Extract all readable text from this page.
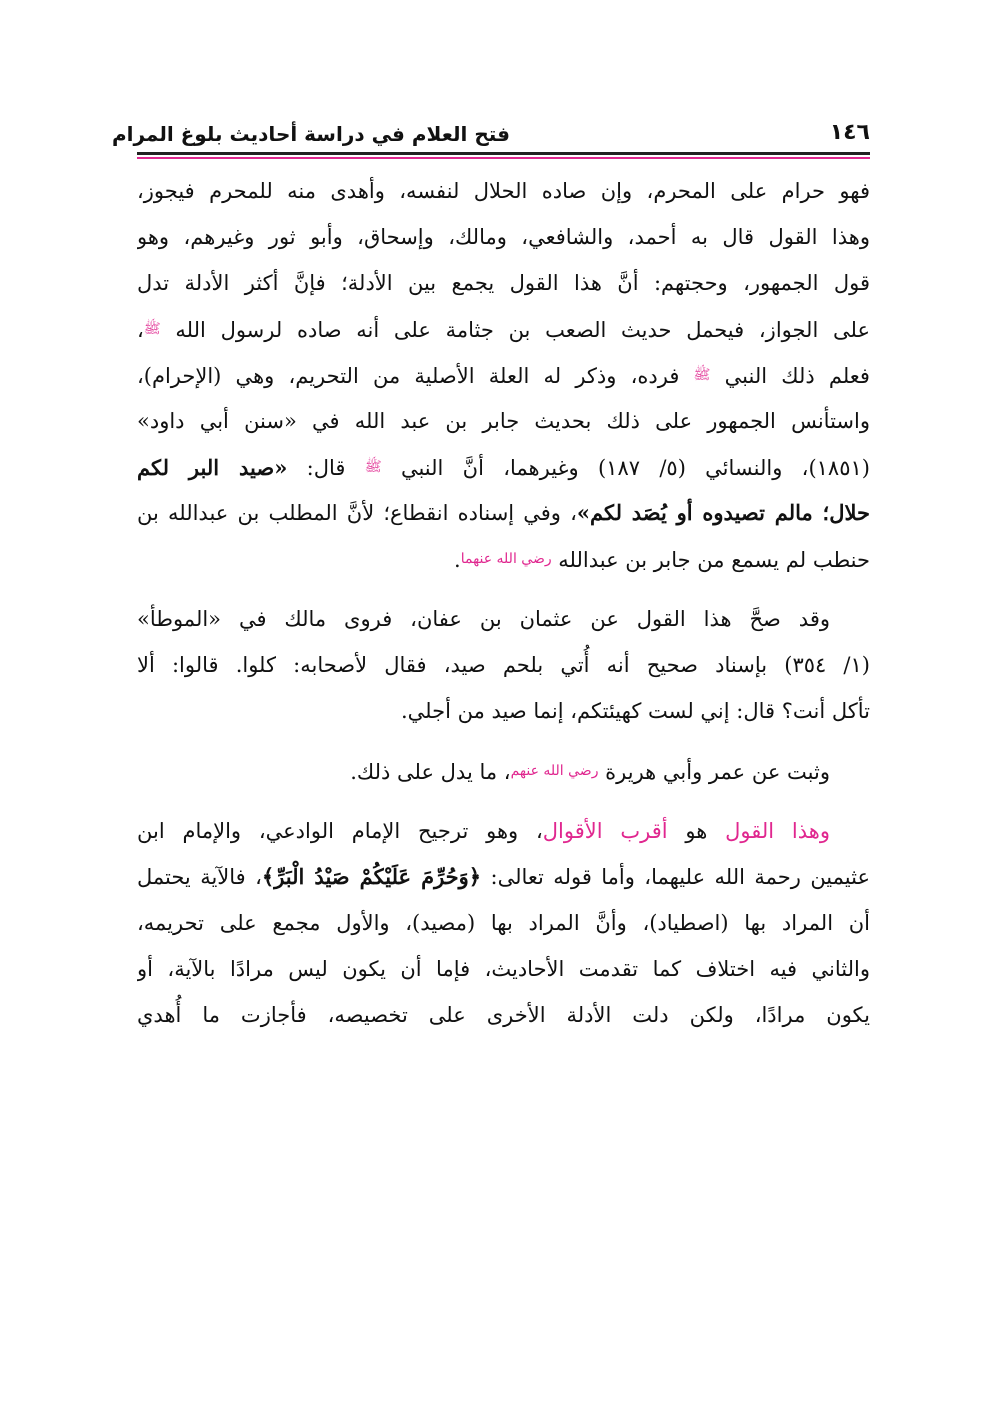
١٤٦
فتح العلام في دراسة أحاديث بلوغ المرام
فهو حرام على المحرم، وإن صاده الحلال لنفسه، وأهدى منه للمحرم فيجوز،
وهذا القول قال به أحمد، والشافعي، ومالك، وإسحاق، وأبو ثور وغيرهم، وهو
قول الجمهور، وحجتهم: أنَّ هذا القول يجمع بين الأدلة؛ فإنَّ أكثر الأدلة تدل
على الجواز، فيحمل حديث الصعب بن جثامة على أنه صاده لرسول الله ﷺ،
فعلم ذلك النبي ﷺ فرده، وذكر له العلة الأصلية من التحريم، وهي (الإحرام)،
واستأنس الجمهور على ذلك بحديث جابر بن عبد الله في «سنن أبي داود»
(١٨٥١)، والنسائي (٥/ ١٨٧) وغيرهما، أنَّ النبي ﷺ قال: «صيد البر لكم
حلال؛ مالم تصيدوه أو يُصَد لكم»، وفي إسناده انقطاع؛ لأنَّ المطلب بن عبدالله بن
حنطب لم يسمع من جابر بن عبدالله رضي الله عنهما.
وقد صحَّ هذا القول عن عثمان بن عفان، فروى مالك في «الموطأ»
(١/ ٣٥٤) بإسناد صحيح أنه أُتي بلحم صيد، فقال لأصحابه: كلوا. قالوا: ألا
تأكل أنت؟ قال: إني لست كهيئتكم، إنما صيد من أجلي.
وثبت عن عمر وأبي هريرة رضي الله عنهم، ما يدل على ذلك.
وهذا القول هو أقرب الأقوال، وهو ترجيح الإمام الوادعي، والإمام ابن
عثيمين رحمة الله عليهما، وأما قوله تعالى: ﴿وَحُرِّمَ عَلَيْكُمْ صَيْدُ الْبَرِّ﴾، فالآية يحتمل
أن المراد بها (اصطياد)، وأنَّ المراد بها (مصيد)، والأول مجمع على تحريمه،
والثاني فيه اختلاف كما تقدمت الأحاديث، فإما أن يكون ليس مرادًا بالآية، أو
يكون مرادًا، ولكن دلت الأدلة الأخرى على تخصيصه، فأجازت ما أُهدي
